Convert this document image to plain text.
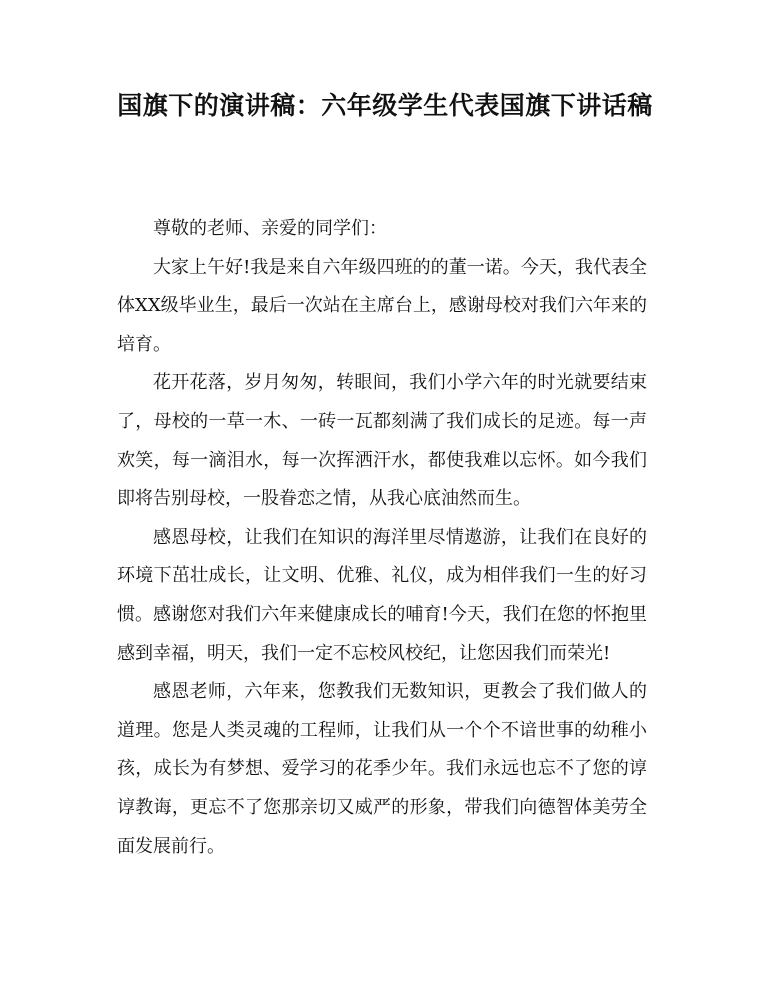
国旗下的演讲稿：六年级学生代表国旗下讲话稿

尊敬的老师、亲爱的同学们：

大家上午好!我是来自六年级四班的的董一诺。今天，我代表全体XX级毕业生，最后一次站在主席台上，感谢母校对我们六年来的培育。

花开花落，岁月匆匆，转眼间，我们小学六年的时光就要结束了，母校的一草一木、一砖一瓦都刻满了我们成长的足迹。每一声欢笑，每一滴泪水，每一次挥洒汗水，都使我难以忘怀。如今我们即将告别母校，一股眷恋之情，从我心底油然而生。

感恩母校，让我们在知识的海洋里尽情遨游，让我们在良好的环境下茁壮成长，让文明、优雅、礼仪，成为相伴我们一生的好习惯。感谢您对我们六年来健康成长的哺育!今天，我们在您的怀抱里感到幸福，明天，我们一定不忘校风校纪，让您因我们而荣光!

感恩老师，六年来，您教我们无数知识，更教会了我们做人的道理。您是人类灵魂的工程师，让我们从一个个不谙世事的幼稚小孩，成长为有梦想、爱学习的花季少年。我们永远也忘不了您的谆谆教诲，更忘不了您那亲切又威严的形象，带我们向德智体美劳全面发展前行。
